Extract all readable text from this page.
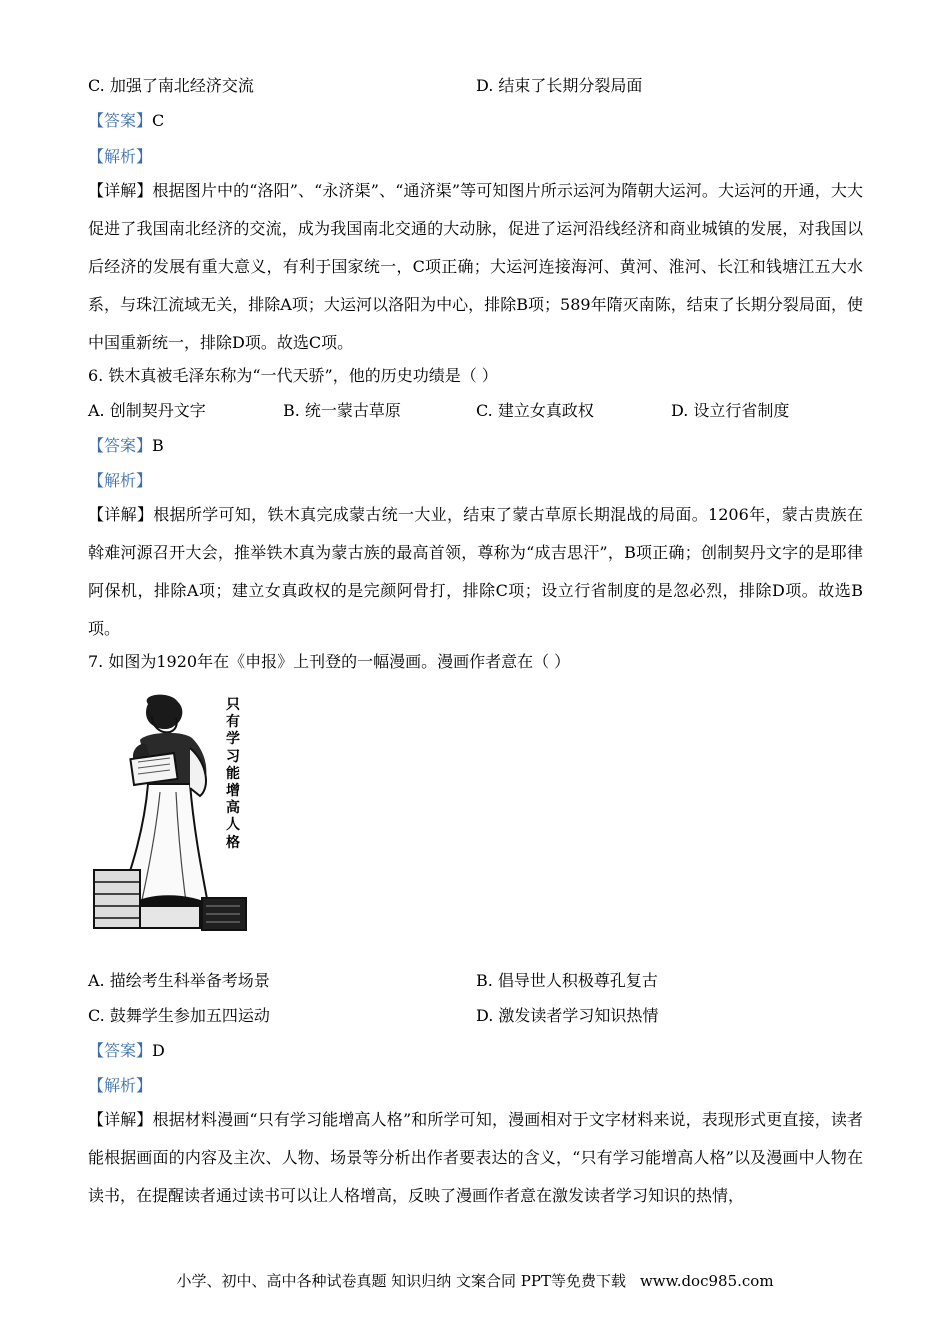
C. 加强了南北经济交流	D. 结束了长期分裂局面
【答案】C
【解析】
【详解】根据图片中的“洛阳”、“永济渠”、“通济渠”等可知图片所示运河为隋朝大运河。大运河的开通，大大促进了我国南北经济的交流，成为我国南北交通的大动脉，促进了运河沿线经济和商业城镇的发展，对我国以后经济的发展有重大意义，有利于国家统一，C项正确；大运河连接海河、黄河、淮河、长江和钱塘江五大水系，与珠江流域无关，排除A项；大运河以洛阳为中心，排除B项；589年隋灭南陈，结束了长期分裂局面，使中国重新统一，排除D项。故选C项。
6. 铁木真被毛泽东称为“一代天骄”，他的历史功绩是（ ）
A. 创制契丹文字	B. 统一蒙古草原	C. 建立女真政权	D. 设立行省制度
【答案】B
【解析】
【详解】根据所学可知，铁木真完成蒙古统一大业，结束了蒙古草原长期混战的局面。1206年，蒙古贵族在斡难河源召开大会，推举铁木真为蒙古族的最高首领，尊称为“成吉思汗”，B项正确；创制契丹文字的是耶律阿保机，排除A项；建立女真政权的是完颜阿骨打，排除C项；设立行省制度的是忽必烈，排除D项。故选B项。
7. 如图为1920年在《申报》上刊登的一幅漫画。漫画作者意在（ ）
只有学习能增高人格
A. 描绘考生科举备考场景	B. 倡导世人积极尊孔复古
C. 鼓舞学生参加五四运动	D. 激发读者学习知识热情
【答案】D
【解析】
【详解】根据材料漫画“只有学习能增高人格”和所学可知，漫画相对于文字材料来说，表现形式更直接，读者能根据画面的内容及主次、人物、场景等分析出作者要表达的含义，“只有学习能增高人格”以及漫画中人物在读书，在提醒读者通过读书可以让人格增高，反映了漫画作者意在激发读者学习知识的热情，
小学、初中、高中各种试卷真题 知识归纳 文案合同 PPT等免费下载 www.doc985.com
